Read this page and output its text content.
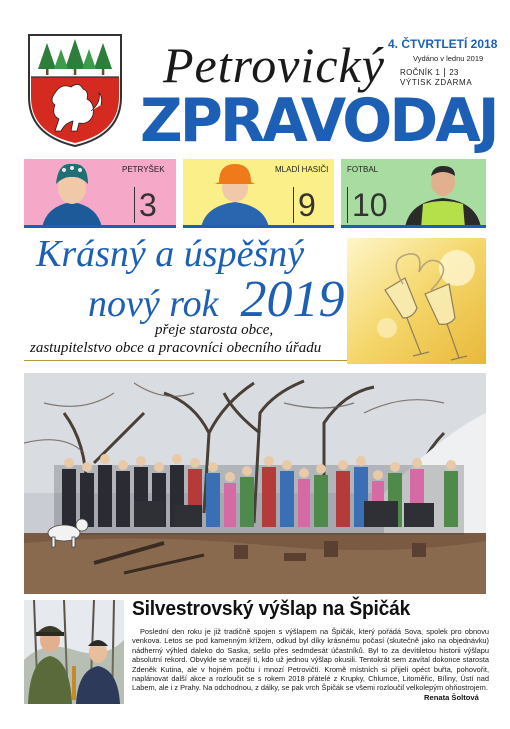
Petrovický
ZPRAVODAJ
4. ČTVRTLETÍ 2018
Vydáno v lednu 2019
ROČNÍK 1 23
VÝTISK ZDARMA
PETRYŠEK
3
MLADÍ HASIČI
9
FOTBAL
10
Krásný a úspěšný
nový rok 2019
přeje starosta obce,
zastupitelstvo obce a pracovníci obecního úřadu
Silvestrovský výšlap na Špičák
Poslední den roku je již tradičně spojen s výšlapem na Špičák, který pořádá Sova, spolek pro obnovu venkova. Letos se pod kamenným křížem, odkud byl díky krásnému počasí (skutečně jako na objednávku) nádherný výhled daleko do Saska, sešlo přes sedmdesát účastníků. Byl to za devítiletou historii výšlapu absolutní rekord. Obvykle se vracejí ti, kdo už jednou výšlap okusili. Tentokrát sem zavítal dokonce starosta Zdeněk Kutina, ale v hojném počtu i mnozí Petrovičtí. Kromě místních si přijeli opéct buřta, pohovořit, naplánovat další akce a rozloučit se s rokem 2018 přátelé z Krupky, Chlumce, Litoměřic, Bíliny, Ústí nad Labem, ale i z Prahy. Na odchodnou, z dálky, se pak vrch Špičák se všemi rozloučil velkolepým ohňostrojem.
Renata Šoltová
